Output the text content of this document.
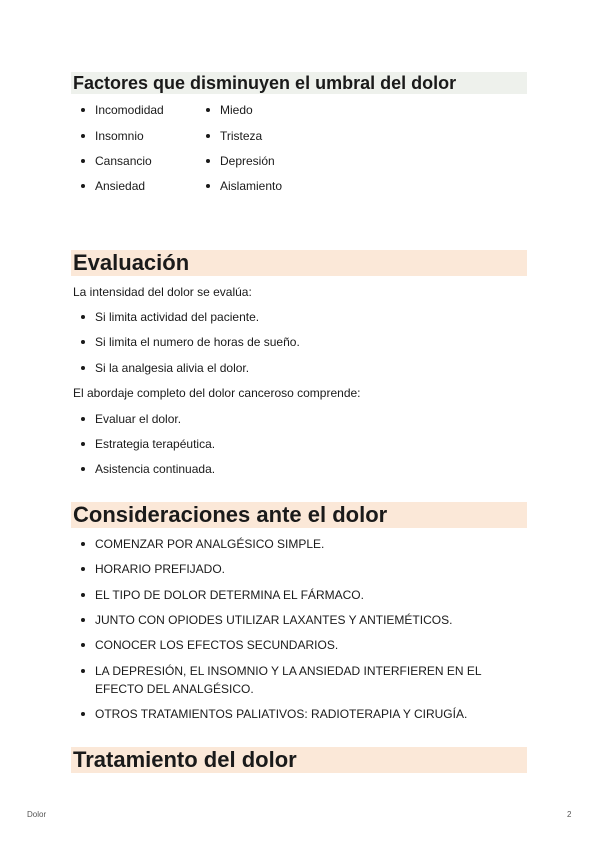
Factores que disminuyen el umbral del dolor
Incomodidad
Insomnio
Cansancio
Ansiedad
Miedo
Tristeza
Depresión
Aislamiento
Evaluación
La intensidad del dolor se evalúa:
Si limita actividad del paciente.
Si limita el numero de horas de sueño.
Si la analgesia alivia el dolor.
El abordaje completo del dolor canceroso comprende:
Evaluar el dolor.
Estrategia terapéutica.
Asistencia continuada.
Consideraciones ante el dolor
COMENZAR POR ANALGÉSICO SIMPLE.
HORARIO PREFIJADO.
EL TIPO DE DOLOR DETERMINA EL FÁRMACO.
JUNTO CON OPIODES UTILIZAR LAXANTES Y ANTIEMÉTICOS.
CONOCER LOS EFECTOS SECUNDARIOS.
LA DEPRESIÓN, EL INSOMNIO Y LA ANSIEDAD INTERFIEREN EN EL
EFECTO DEL ANALGÉSICO.
OTROS TRATAMIENTOS PALIATIVOS: RADIOTERAPIA Y CIRUGÍA.
Tratamiento del dolor
Dolor	2
